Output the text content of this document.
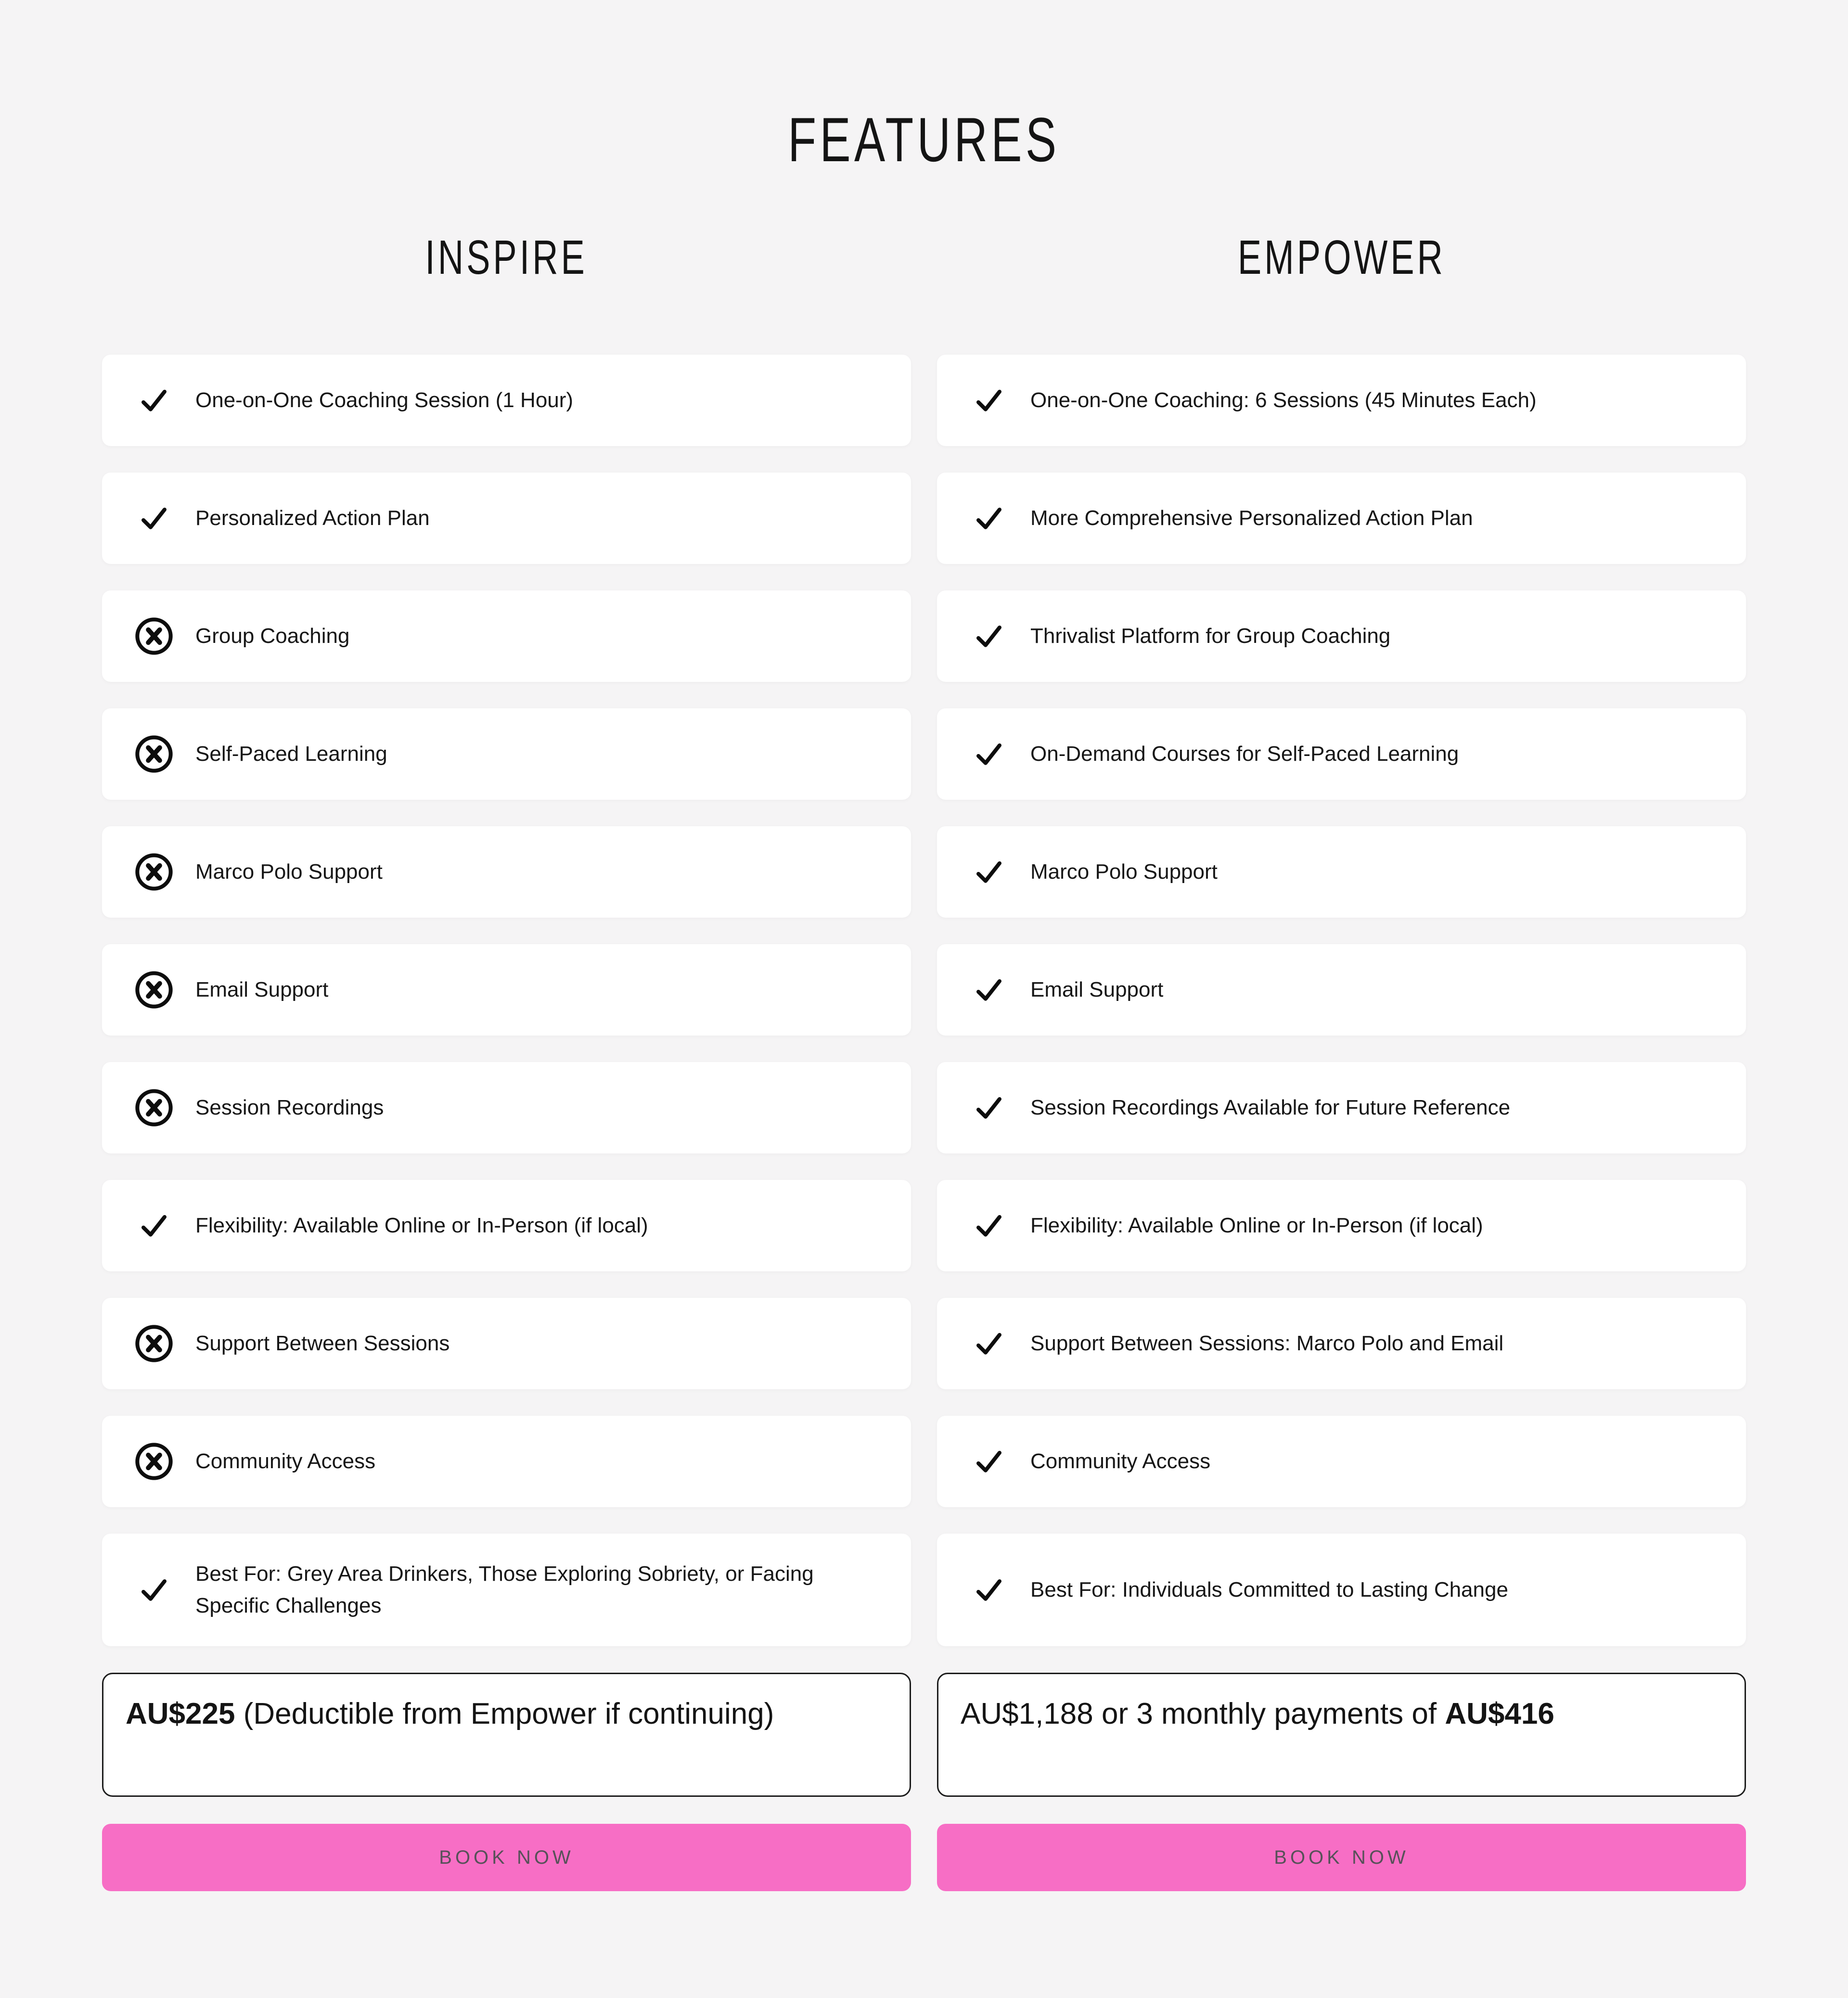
FEATURES
INSPIRE
One-on-One Coaching Session (1 Hour)
Personalized Action Plan
Group Coaching
Self-Paced Learning
Marco Polo Support
Email Support
Session Recordings
Flexibility: Available Online or In-Person (if local)
Support Between Sessions
Community Access
Best For: Grey Area Drinkers, Those Exploring Sobriety, or Facing Specific Challenges

AU$225 (Deductible from Empower if continuing)

BOOK NOW
EMPOWER
One-on-One Coaching: 6 Sessions (45 Minutes Each)
More Comprehensive Personalized Action Plan
Thrivalist Platform for Group Coaching
On-Demand Courses for Self-Paced Learning
Marco Polo Support
Email Support
Session Recordings Available for Future Reference
Flexibility: Available Online or In-Person (if local)
Support Between Sessions: Marco Polo and Email
Community Access
Best For: Individuals Committed to Lasting Change

AU$1,188 or 3 monthly payments of AU$416

BOOK NOW
